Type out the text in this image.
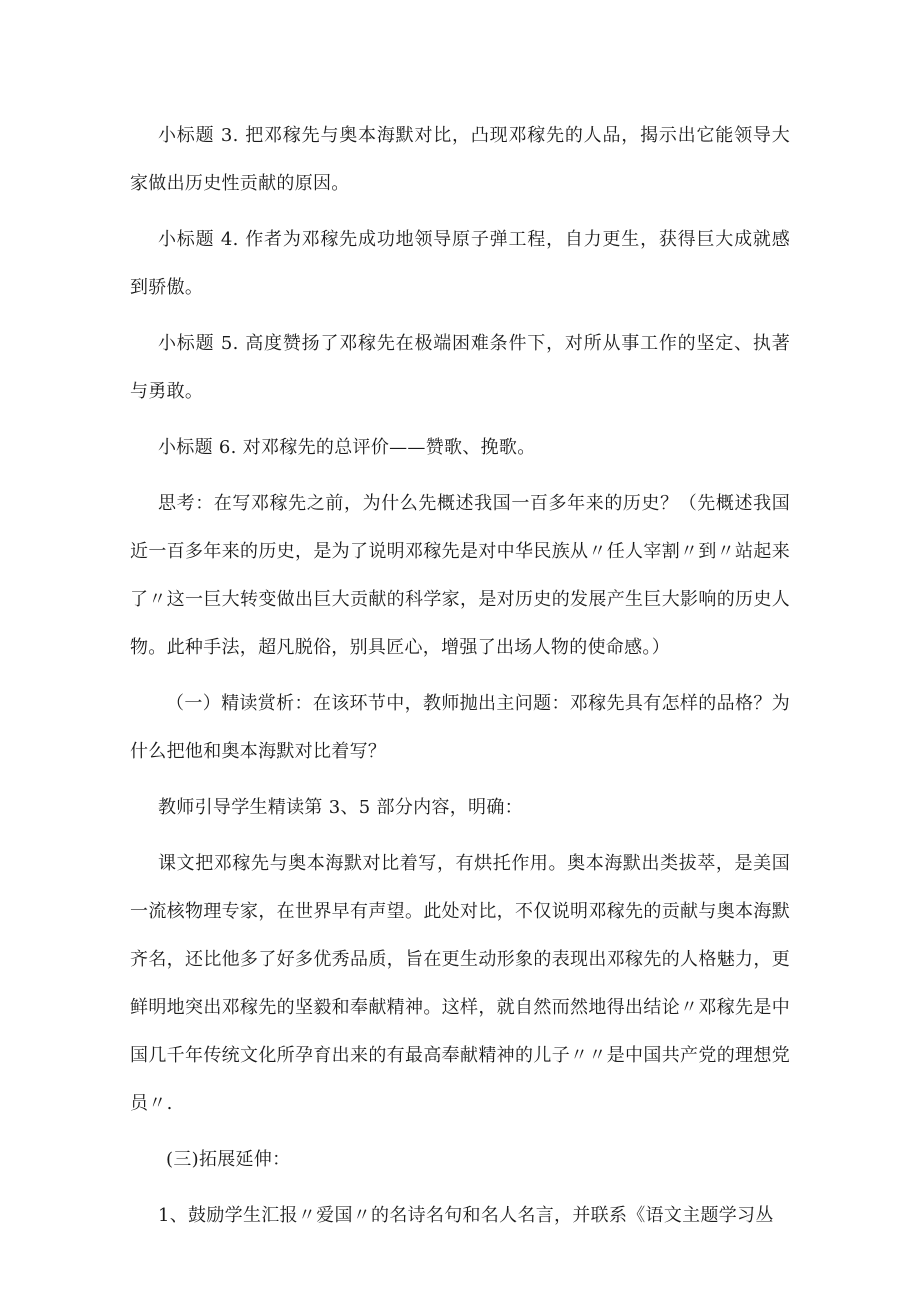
小标题 3. 把邓稼先与奥本海默对比，凸现邓稼先的人品，揭示出它能领导大家做出历史性贡献的原因。

小标题 4. 作者为邓稼先成功地领导原子弹工程，自力更生，获得巨大成就感到骄傲。

小标题 5. 高度赞扬了邓稼先在极端困难条件下，对所从事工作的坚定、执著与勇敢。

小标题 6. 对邓稼先的总评价——赞歌、挽歌。

思考：在写邓稼先之前，为什么先概述我国一百多年来的历史？（先概述我国近一百多年来的历史，是为了说明邓稼先是对中华民族从〃任人宰割〃到〃站起来了〃这一巨大转变做出巨大贡献的科学家，是对历史的发展产生巨大影响的历史人物。此种手法，超凡脱俗，别具匠心，增强了出场人物的使命感。）

（一）精读赏析：在该环节中，教师抛出主问题：邓稼先具有怎样的品格？为什么把他和奥本海默对比着写？

教师引导学生精读第 3、5 部分内容，明确：

课文把邓稼先与奥本海默对比着写，有烘托作用。奥本海默出类拔萃，是美国一流核物理专家，在世界早有声望。此处对比，不仅说明邓稼先的贡献与奥本海默齐名，还比他多了好多优秀品质，旨在更生动形象的表现出邓稼先的人格魅力，更鲜明地突出邓稼先的坚毅和奉献精神。这样，就自然而然地得出结论〃邓稼先是中国几千年传统文化所孕育出来的有最高奉献精神的儿子〃〃是中国共产党的理想党员〃.

(三)拓展延伸：

1、鼓励学生汇报〃爱国〃的名诗名句和名人名言，并联系《语文主题学习丛
